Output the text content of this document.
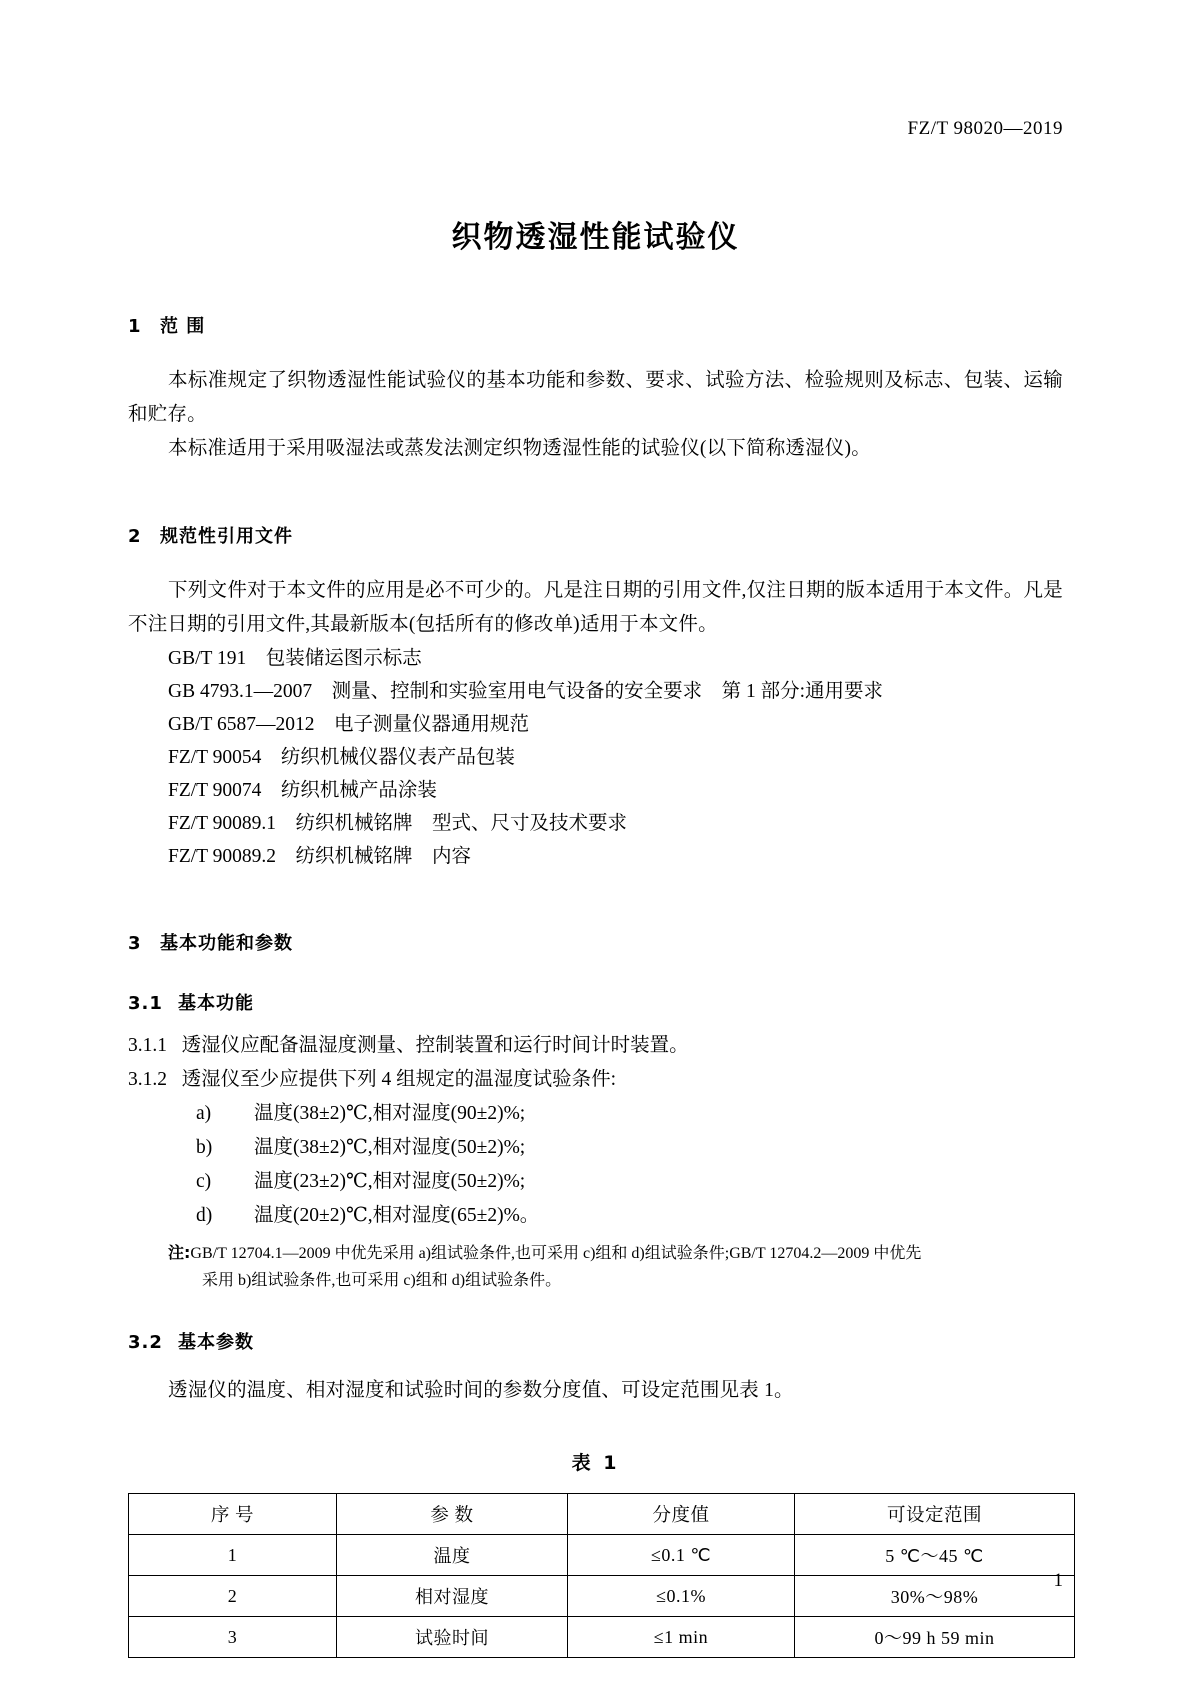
FZ/T 98020—2019
织物透湿性能试验仪
1 范 围

本标准规定了织物透湿性能试验仪的基本功能和参数、要求、试验方法、检验规则及标志、包装、运输和贮存。

本标准适用于采用吸湿法或蒸发法测定织物透湿性能的试验仪(以下简称透湿仪)。

2 规范性引用文件

下列文件对于本文件的应用是必不可少的。凡是注日期的引用文件,仅注日期的版本适用于本文件。凡是不注日期的引用文件,其最新版本(包括所有的修改单)适用于本文件。

GB/T 191　包装储运图示标志

GB 4793.1—2007　测量、控制和实验室用电气设备的安全要求　第 1 部分:通用要求

GB/T 6587—2012　电子测量仪器通用规范

FZ/T 90054　纺织机械仪器仪表产品包装

FZ/T 90074　纺织机械产品涂装

FZ/T 90089.1　纺织机械铭牌　型式、尺寸及技术要求

FZ/T 90089.2　纺织机械铭牌　内容

3 基本功能和参数
3.1 基本功能

3.1.1 透湿仪应配备温湿度测量、控制装置和运行时间计时装置。

3.1.2 透湿仪至少应提供下列 4 组规定的温湿度试验条件:

a) 温度(38±2)℃,相对湿度(90±2)%;

b) 温度(38±2)℃,相对湿度(50±2)%;

c) 温度(23±2)℃,相对湿度(50±2)%;

d) 温度(20±2)℃,相对湿度(65±2)%。

注:GB/T 12704.1—2009 中优先采用 a)组试验条件,也可采用 c)组和 d)组试验条件;GB/T 12704.2—2009 中优先
采用 b)组试验条件,也可采用 c)组和 d)组试验条件。
3.2 基本参数

透湿仪的温度、相对湿度和试验时间的参数分度值、可设定范围见表 1。

表 1
序 号	参 数	分度值	可设定范围
1	温度	≤0.1 ℃	5 ℃～45 ℃
2	相对湿度	≤0.1%	30%～98%
3	试验时间	≤1 min	0～99 h 59 min
1
